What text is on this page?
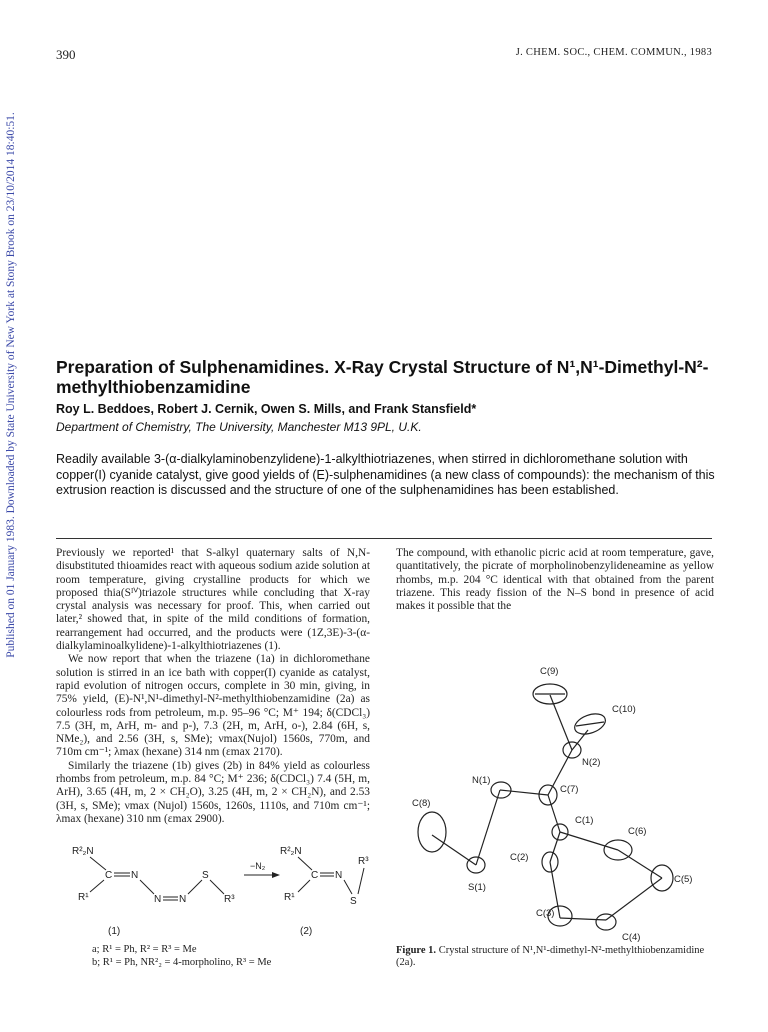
Published on 01 January 1983. Downloaded by State University of New York at Stony Brook on 23/10/2014 18:40:51.
390	J. CHEM. SOC., CHEM. COMMUN., 1983
Preparation of Sulphenamidines. X-Ray Crystal Structure of N¹,N¹-Dimethyl-N²-methylthiobenzamidine
Roy L. Beddoes, Robert J. Cernik, Owen S. Mills, and Frank Stansfield*
Department of Chemistry, The University, Manchester M13 9PL, U.K.
Readily available 3-(α-dialkylaminobenzylidene)-1-alkylthiotriazenes, when stirred in dichloromethane solution with copper(I) cyanide catalyst, give good yields of (E)-sulphenamidines (a new class of compounds): the mechanism of this extrusion reaction is discussed and the structure of one of the sulphenamidines has been established.

Previously we reported¹ that S-alkyl quaternary salts of N,N-disubstituted thioamides react with aqueous sodium azide solution at room temperature, giving crystalline products for which we proposed thia(Sᴵⱽ)triazole structures while concluding that X-ray crystal analysis was necessary for proof. This, when carried out later,² showed that, in spite of the mild conditions of formation, rearrangement had occurred, and the products were (1Z,3E)-3-(α-dialkylaminoalkylidene)-1-alkylthiotriazenes (1).

We now report that when the triazene (1a) in dichloromethane solution is stirred in an ice bath with copper(I) cyanide as catalyst, rapid evolution of nitrogen occurs, complete in 30 min, giving, in 75% yield, (E)-N¹,N¹-dimethyl-N²-methylthiobenzamidine (2a) as colourless rods from petroleum, m.p. 95–96 °C; M⁺ 194; δ(CDCl₃) 7.5 (3H, m, ArH, m- and p-), 7.3 (2H, m, ArH, o-), 2.84 (6H, s, NMe₂), and 2.56 (3H, s, SMe); νmax(Nujol) 1560s, 770m, and 710m cm⁻¹; λmax (hexane) 314 nm (εmax 2170).

Similarly the triazene (1b) gives (2b) in 84% yield as colourless rhombs from petroleum, m.p. 84 °C; M⁺ 236; δ(CDCl₃) 7.4 (5H, m, ArH), 3.65 (4H, m, 2 × CH₂O), 3.25 (4H, m, 2 × CH₂N), and 2.53 (3H, s, SMe); νmax (Nujol) 1560s, 1260s, 1110s, and 710m cm⁻¹; λmax (hexane) 310 nm (εmax 2900).

The compound, with ethanolic picric acid at room temperature, gave, quantitatively, the picrate of morpholinobenzylideneamine as yellow rhombs, m.p. 204 °C identical with that obtained from the parent triazene. This ready fission of the N–S bond in presence of acid makes it possible that the

R²₂N
C N
R¹	N N
S
R³
(1)
−N₂
R²₂N
C N
R¹	S
R³
(2)
a; R¹ = Ph, R² = R³ = Me
b; R¹ = Ph, NR²₂ = 4-morpholino, R³ = Me
C(9)
C(10)
N(2)
N(1)
C(7)
C(1)
C(6)
C(8)
C(2)
C(5)
S(1)
C(3)
C(4)
Figure 1. Crystal structure of N¹,N¹-dimethyl-N²-methylthiobenzamidine (2a).
